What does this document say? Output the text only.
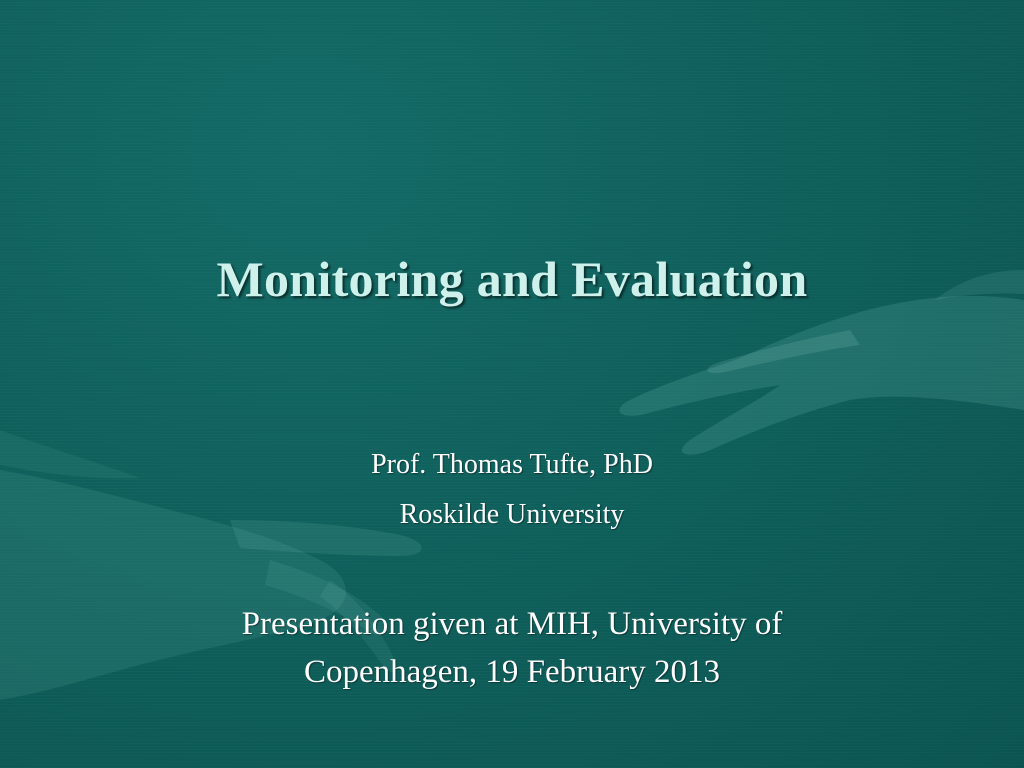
Monitoring and Evaluation
Prof. Thomas Tufte, PhD
Roskilde University
Presentation given at MIH, University of
Copenhagen, 19 February 2013
